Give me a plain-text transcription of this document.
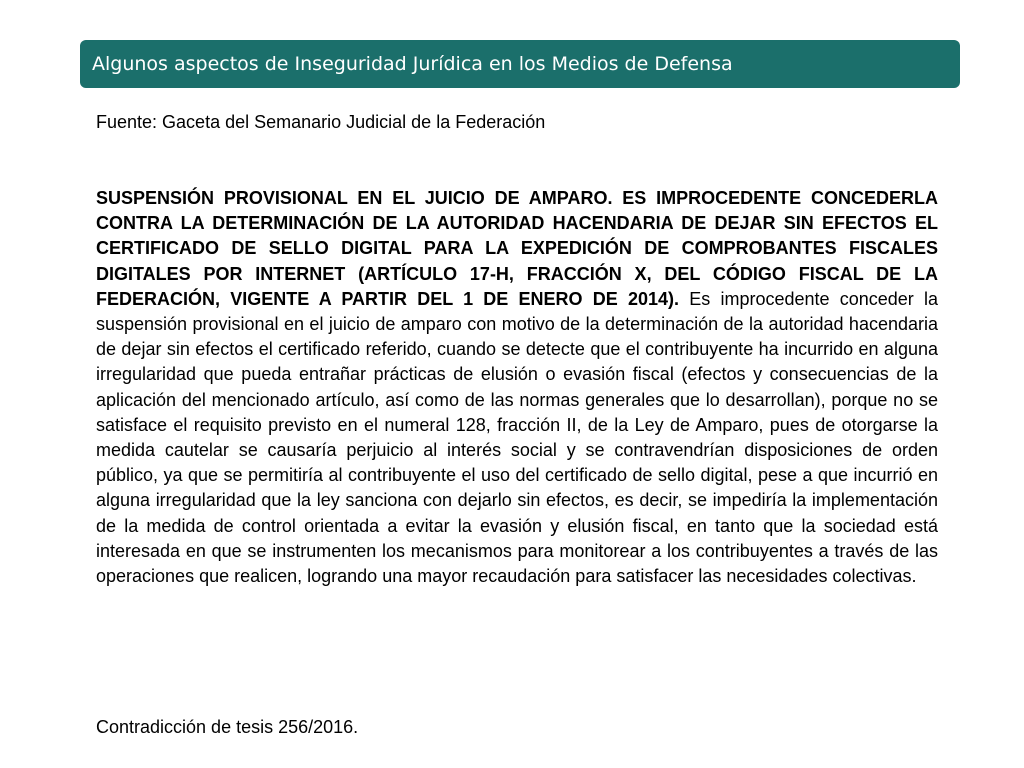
Algunos aspectos de Inseguridad Jurídica en los Medios de Defensa
Fuente: Gaceta del Semanario Judicial de la Federación

SUSPENSIÓN PROVISIONAL EN EL JUICIO DE AMPARO. ES IMPROCEDENTE CONCEDERLA CONTRA LA DETERMINACIÓN DE LA AUTORIDAD HACENDARIA DE DEJAR SIN EFECTOS EL CERTIFICADO DE SELLO DIGITAL PARA LA EXPEDICIÓN DE COMPROBANTES FISCALES DIGITALES POR INTERNET (ARTÍCULO 17-H, FRACCIÓN X, DEL CÓDIGO FISCAL DE LA FEDERACIÓN, VIGENTE A PARTIR DEL 1 DE ENERO DE 2014). Es improcedente conceder la suspensión provisional en el juicio de amparo con motivo de la determinación de la autoridad hacendaria de dejar sin efectos el certificado referido, cuando se detecte que el contribuyente ha incurrido en alguna irregularidad que pueda entrañar prácticas de elusión o evasión fiscal (efectos y consecuencias de la aplicación del mencionado artículo, así como de las normas generales que lo desarrollan), porque no se satisface el requisito previsto en el numeral 128, fracción II, de la Ley de Amparo, pues de otorgarse la medida cautelar se causaría perjuicio al interés social y se contravendrían disposiciones de orden público, ya que se permitiría al contribuyente el uso del certificado de sello digital, pese a que incurrió en alguna irregularidad que la ley sanciona con dejarlo sin efectos, es decir, se impediría la implementación de la medida de control orientada a evitar la evasión y elusión fiscal, en tanto que la sociedad está interesada en que se instrumenten los mecanismos para monitorear a los contribuyentes a través de las operaciones que realicen, logrando una mayor recaudación para satisfacer las necesidades colectivas.

Contradicción de tesis 256/2016.
